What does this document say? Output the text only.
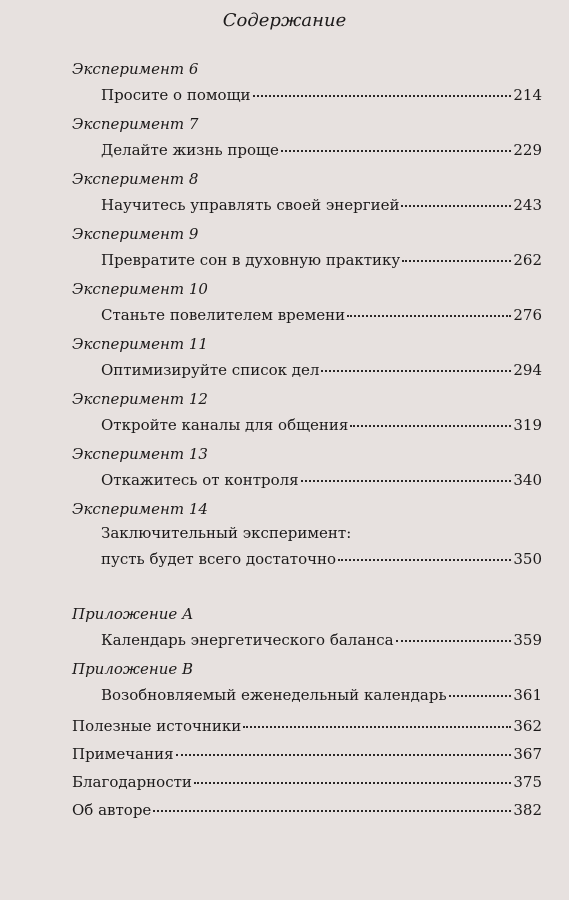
Содержание
Эксперимент 6
Просите о помощи	214
Эксперимент 7
Делайте жизнь проще	229
Эксперимент 8
Научитесь управлять своей энергией	243
Эксперимент 9
Превратите сон в духовную практику	262
Эксперимент 10
Станьте повелителем времени	276
Эксперимент 11
Оптимизируйте список дел	294
Эксперимент 12
Откройте каналы для общения	319
Эксперимент 13
Откажитесь от контроля	340
Эксперимент 14
Заключительный эксперимент:
пусть будет всего достаточно	350
Приложение А
Календарь энергетического баланса	359
Приложение В
Возобновляемый еженедельный календарь	361
Полезные источники	362
Примечания	367
Благодарности	375
Об авторе	382
